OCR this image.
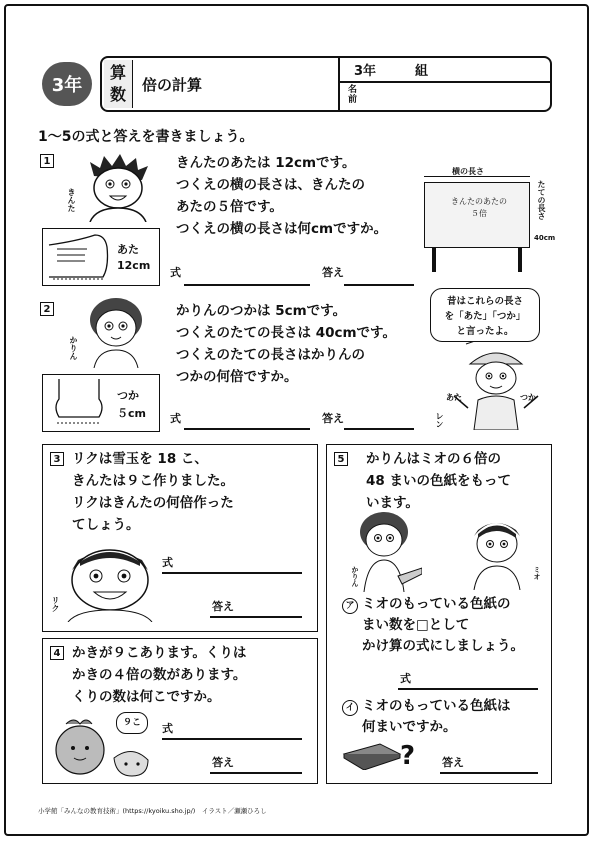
3年
算数 倍の計算
3年　　　組
名前
1～5の式と答えを書きましょう。
1	きんたのあたは 12cmです。
つくえの横の長さは、きんたの
あたの５倍です。
つくえの横の長さは何cmですか。
きんた
あた
12cm
式	答え
横の長さ
きんたのあたの
５倍	たての長さ
40cm
2	かりんのつかは 5cmです。
つくえのたての長さは 40cmです。
つくえのたての長さはかりんの
つかの何倍ですか。
かりん
つか
５cm 式	答え
昔はこれらの長さ
を「あた」「つか」
と言ったよ。
あた	つか
レン
3 リクは雪玉を 18 こ、
きんたは９こ作りました。
リクはきんたの何倍作った
てしょう。
リク
式
答え
4 かきが９こあります。くりは
かきの４倍の数があります。
くりの数は何こですか。
９こ	式
答え
5 かりんはミオの６倍の
48 まいの色紙をもって
います。
かりん	ミオ
ア ミオのもっている色紙の
まい数を□として
かけ算の式にしましょう。
式
イ ミオのもっている色紙は
何まいですか。
? 答え
小学館「みんなの教育技術」(https://kyoiku.sho.jp/)　イラスト／瀬瀬ひろし
